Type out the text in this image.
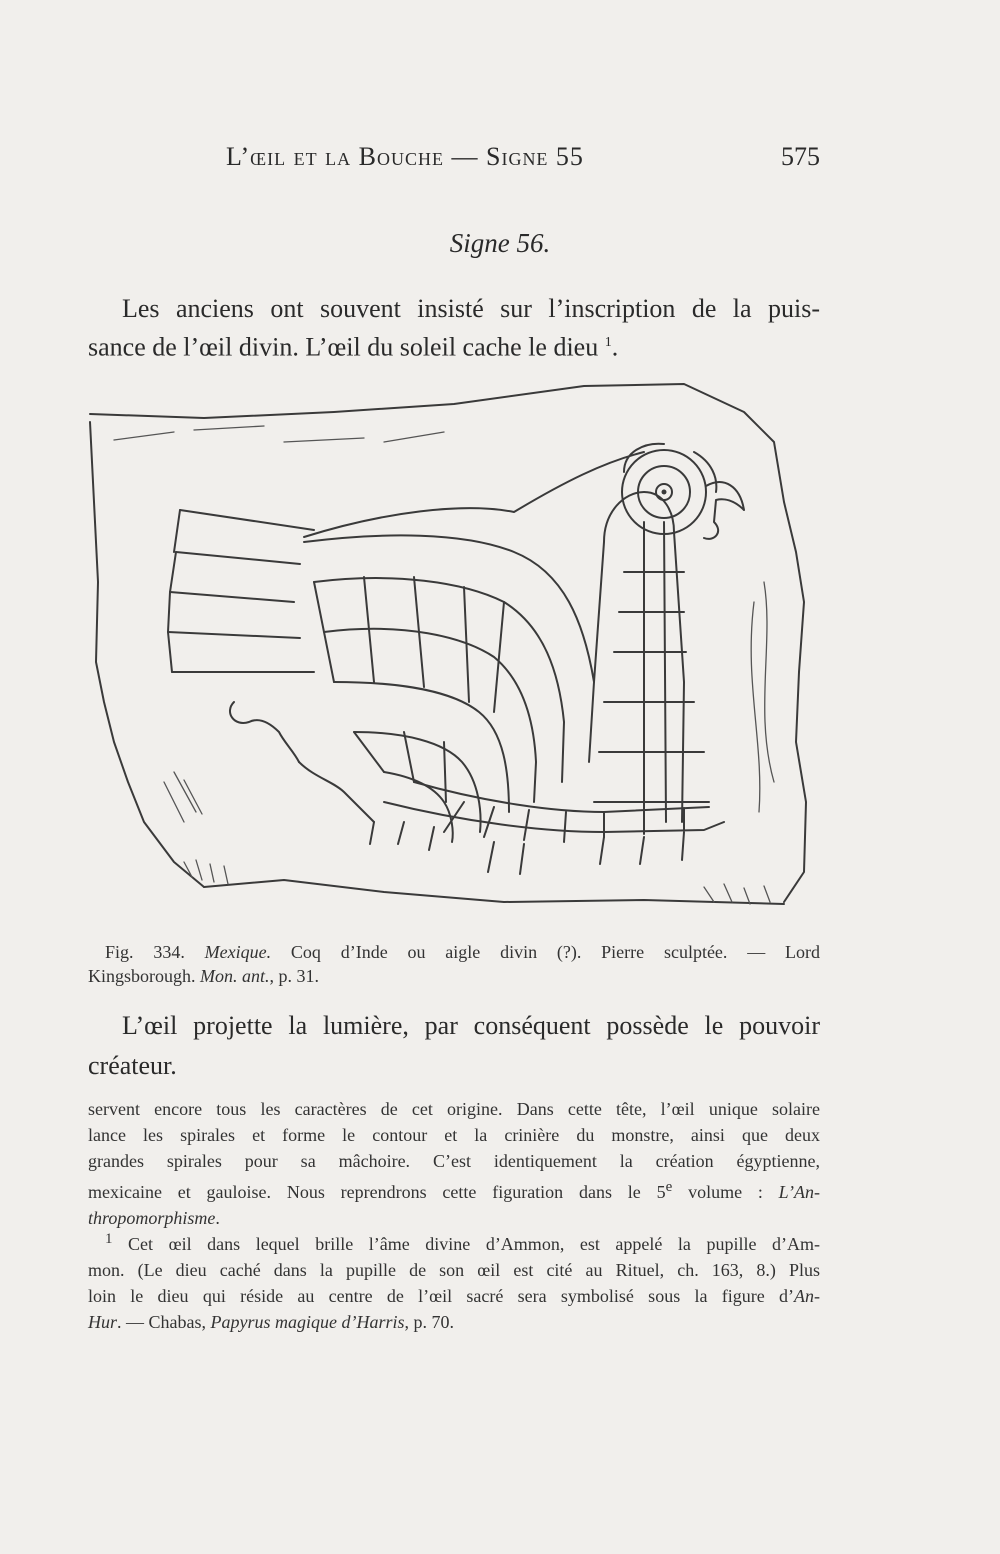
L’œil et la Bouche — Signe 55	575
Signe 56.
Les anciens ont souvent insisté sur l’inscription de la puis-
sance de l’œil divin. L’œil du soleil cache le dieu $^1$.
Fig. 334. Mexique. Coq d’Inde ou aigle divin (?). Pierre sculptée. — Lord
Kingsborough. Mon. ant., p. 31.
L’œil projette la lumière, par conséquent possède le pouvoir
créateur.
servent encore tous les caractères de cet origine. Dans cette tête, l’œil unique solaire
lance les spirales et forme le contour et la crinière du monstre, ainsi que deux
grandes spirales pour sa mâchoire. C’est identiquement la création égyptienne,
mexicaine et gauloise. Nous reprendrons cette figuration dans le 5e volume : L’An-
thropomorphisme.
$^1$ Cet œil dans lequel brille l’âme divine d’Ammon, est appelé la pupille d’Am-
mon. (Le dieu caché dans la pupille de son œil est cité au Rituel, ch. 163, 8.) Plus
loin le dieu qui réside au centre de l’œil sacré sera symbolisé sous la figure d’An-
Hur. — Chabas, Papyrus magique d’Harris, p. 70.
